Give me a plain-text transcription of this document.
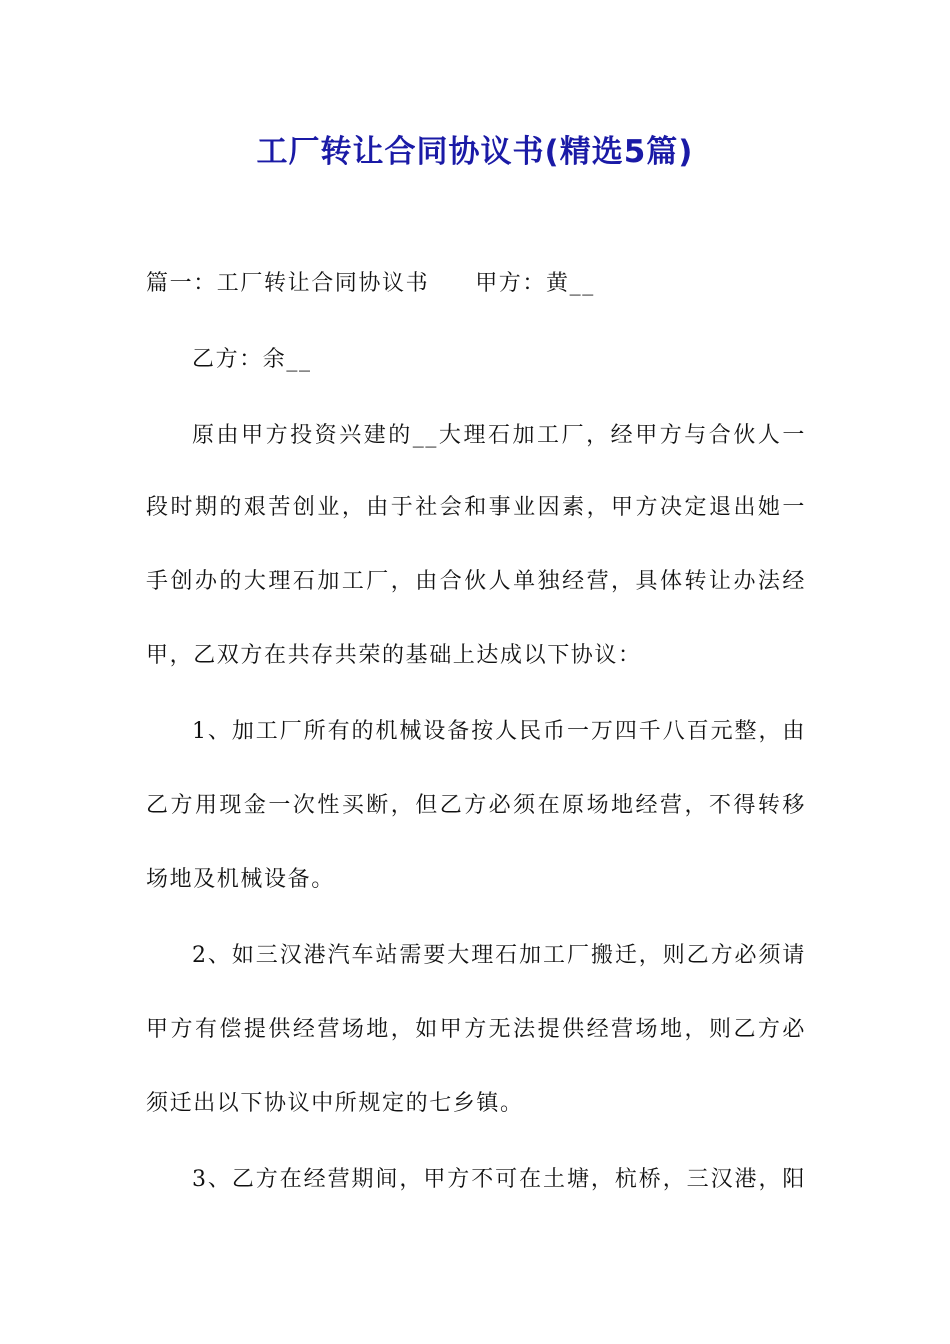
工厂转让合同协议书(精选5篇)
篇一：工厂转让合同协议书 甲方：黄__
乙方：余__
原由甲方投资兴建的__大理石加工厂，经甲方与合伙人一
段时期的艰苦创业，由于社会和事业因素，甲方决定退出她一
手创办的大理石加工厂，由合伙人单独经营，具体转让办法经
甲，乙双方在共存共荣的基础上达成以下协议：
1、加工厂所有的机械设备按人民币一万四千八百元整，由
乙方用现金一次性买断，但乙方必须在原场地经营，不得转移
场地及机械设备。
2、如三汉港汽车站需要大理石加工厂搬迁，则乙方必须请
甲方有偿提供经营场地，如甲方无法提供经营场地，则乙方必
须迁出以下协议中所规定的七乡镇。
3、乙方在经营期间，甲方不可在土塘，杭桥，三汉港，阳
